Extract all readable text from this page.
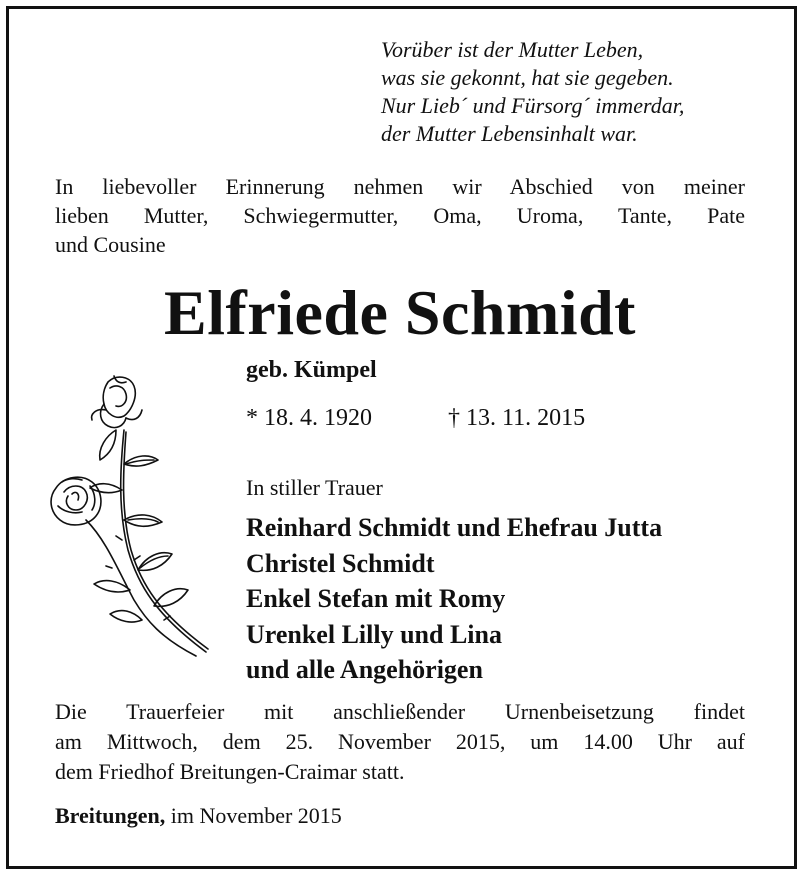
Vorüber ist der Mutter Leben,
was sie gekonnt, hat sie gegeben.
Nur Lieb´ und Fürsorg´ immerdar,
der Mutter Lebensinhalt war.
In liebevoller Erinnerung nehmen wir Abschied von meiner
lieben Mutter, Schwiegermutter, Oma, Uroma, Tante, Pate
und Cousine
Elfriede Schmidt
geb. Kümpel
* 18. 4. 1920	† 13. 11. 2015
In stiller Trauer
Reinhard Schmidt und Ehefrau Jutta
Christel Schmidt
Enkel Stefan mit Romy
Urenkel Lilly und Lina
und alle Angehörigen
Die Trauerfeier mit anschließender Urnenbeisetzung findet
am Mittwoch, dem 25. November 2015, um 14.00 Uhr auf
dem Friedhof Breitungen-Craimar statt.
Breitungen, im November 2015
